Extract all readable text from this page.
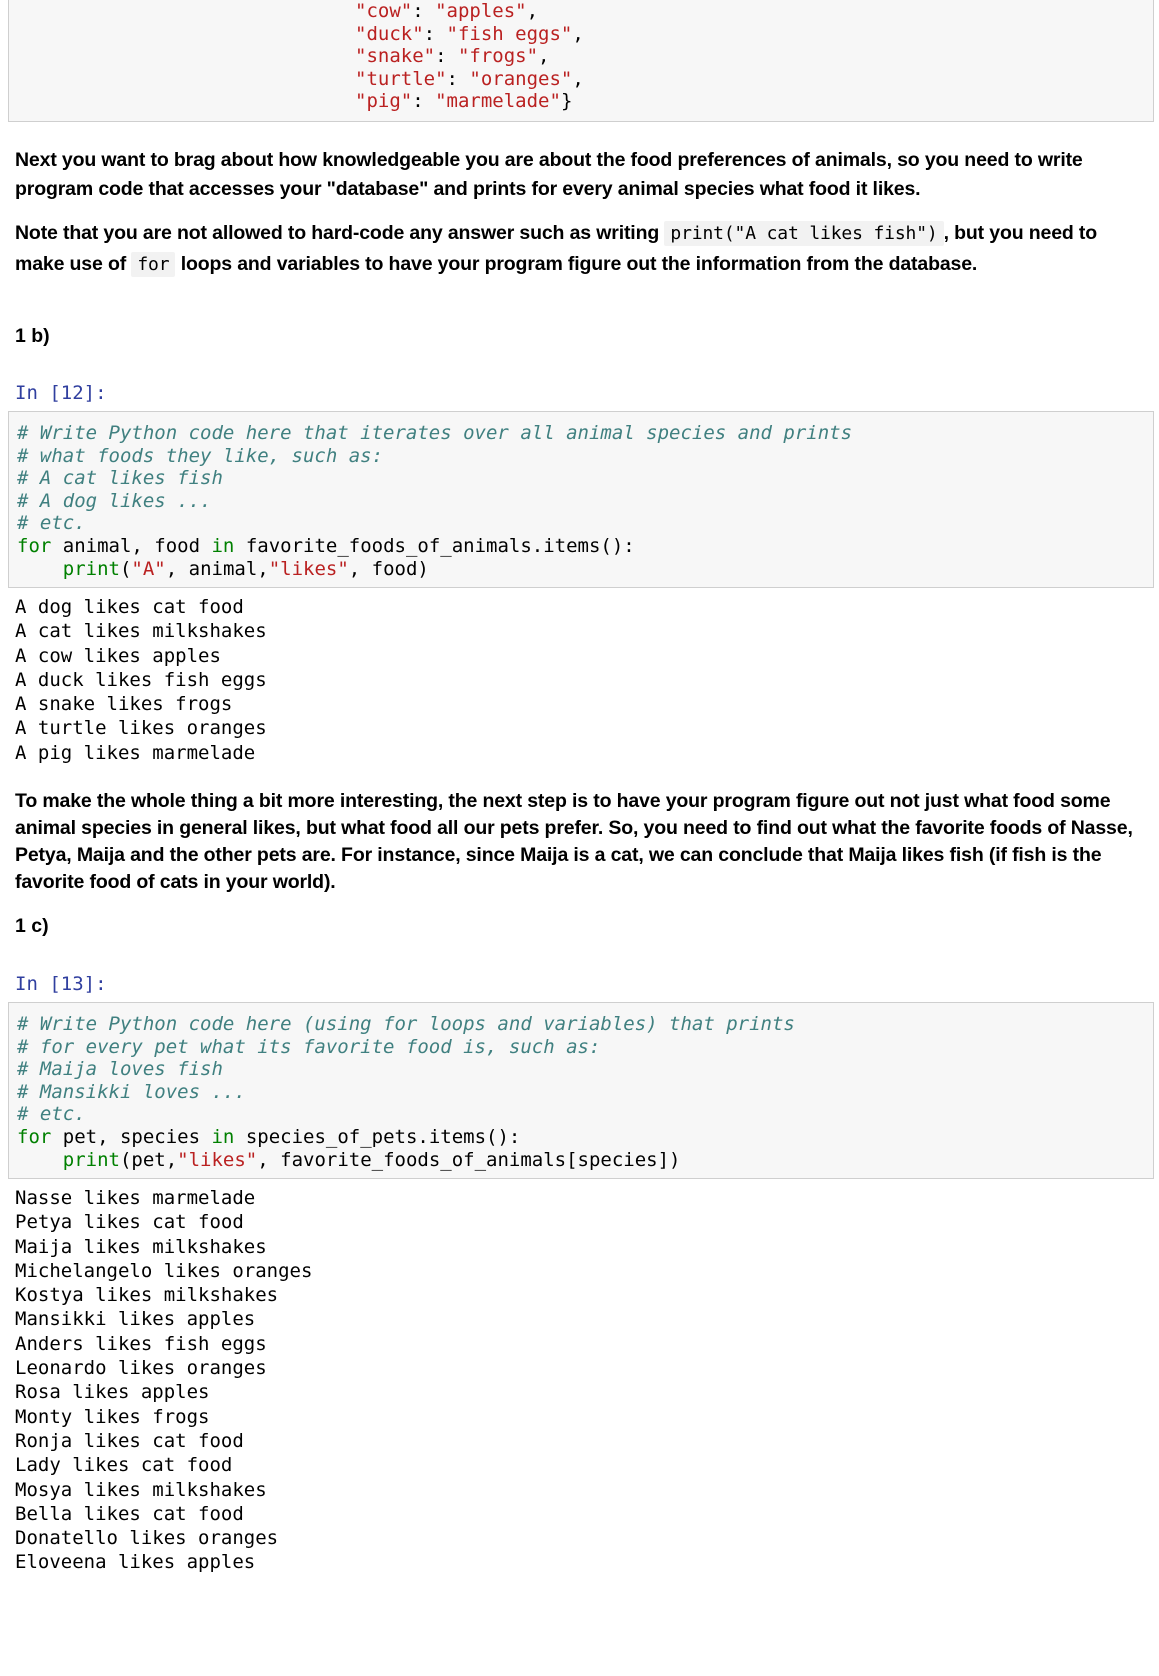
"cow": "apples",
"duck": "fish eggs",
"snake": "frogs",
"turtle": "oranges",
"pig": "marmelade"}
Next you want to brag about how knowledgeable you are about the food preferences of animals, so you need to write program code that accesses your "database" and prints for every animal species what food it likes.
Note that you are not allowed to hard-code any answer such as writing print("A cat likes fish") , but you need to make use of for loops and variables to have your program figure out the information from the database.
1 b)
In [12]:
# Write Python code here that iterates over all animal species and prints
# what foods they like, such as:
# A cat likes fish
# A dog likes ...
# etc.
for animal, food in favorite_foods_of_animals.items():
print("A", animal,"likes", food)
A dog likes cat food
A cat likes milkshakes
A cow likes apples
A duck likes fish eggs
A snake likes frogs
A turtle likes oranges
A pig likes marmelade
To make the whole thing a bit more interesting, the next step is to have your program figure out not just what food some animal species in general likes, but what food all our pets prefer. So, you need to find out what the favorite foods of Nasse, Petya, Maija and the other pets are. For instance, since Maija is a cat, we can conclude that Maija likes fish (if fish is the favorite food of cats in your world).
1 c)
In [13]:
# Write Python code here (using for loops and variables) that prints
# for every pet what its favorite food is, such as:
# Maija loves fish
# Mansikki loves ...
# etc.
for pet, species in species_of_pets.items():
print(pet,"likes", favorite_foods_of_animals[species])
Nasse likes marmelade
Petya likes cat food
Maija likes milkshakes
Michelangelo likes oranges
Kostya likes milkshakes
Mansikki likes apples
Anders likes fish eggs
Leonardo likes oranges
Rosa likes apples
Monty likes frogs
Ronja likes cat food
Lady likes cat food
Mosya likes milkshakes
Bella likes cat food
Donatello likes oranges
Eloveena likes apples
